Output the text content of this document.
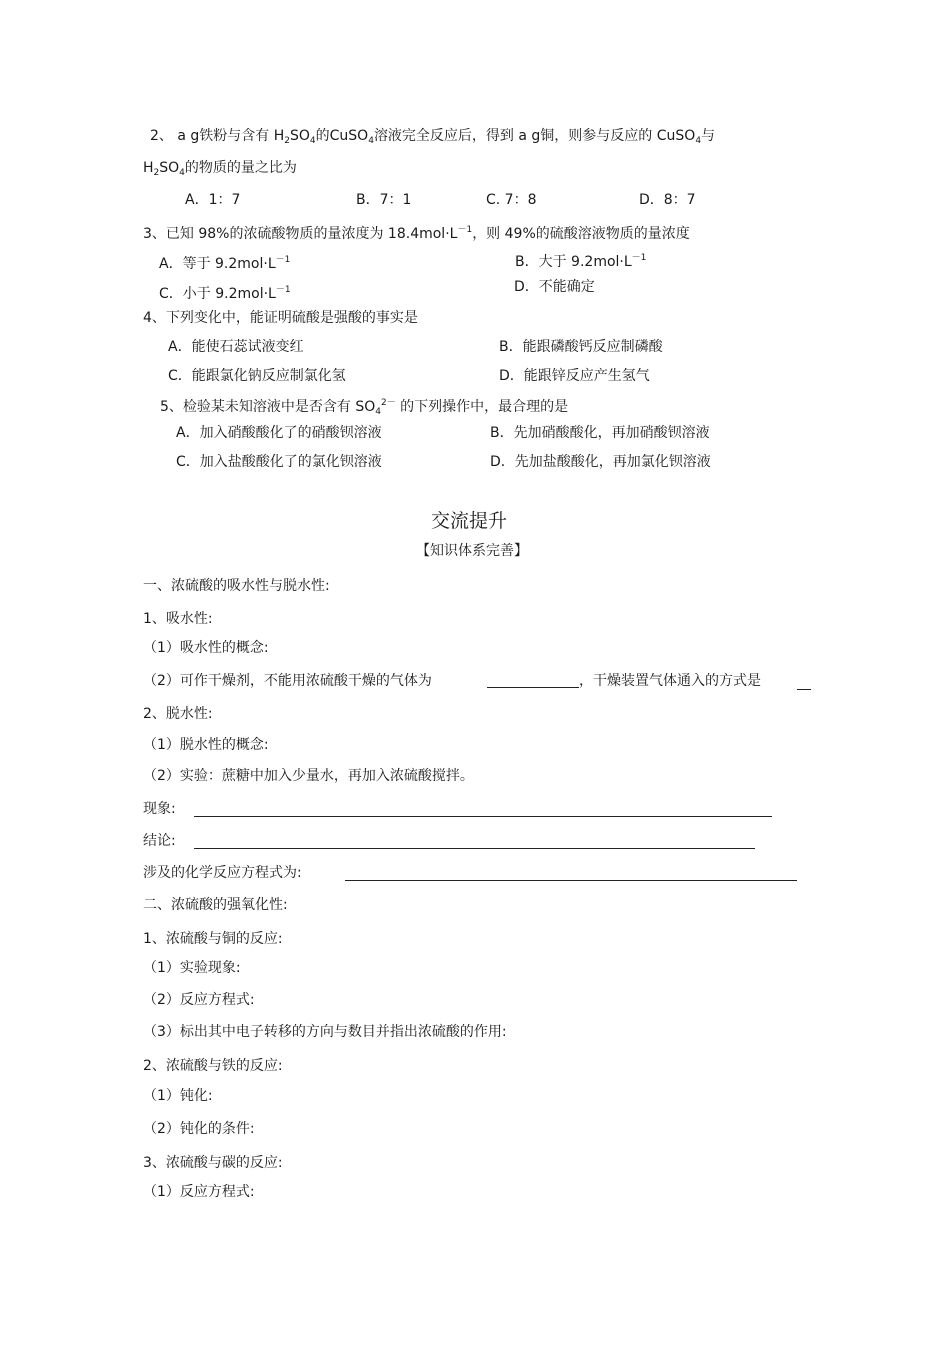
2、 a g铁粉与含有 $H_2SO_4$的CuSO$_4$溶液完全反应后，得到 a g铜，则参与反应的 CuSO$_4$与
$H_2SO_4$的物质的量之比为
A．1：7	B．7：1	C. 7：8	D．8：7
3、已知 98%的浓硫酸物质的量浓度为 $18.4mol\cdot L^{-1}$，则 49%的硫酸溶液物质的量浓度
A．等于 $9.2mol\cdot L^{-1}$	B．大于 $9.2mol\cdot L^{-1}$
C．小于 $9.2mol\cdot L^{-1}$	D．不能确定
4、下列变化中，能证明硫酸是强酸的事实是
A．能使石蕊试液变红	B．能跟磷酸钙反应制磷酸
C．能跟氯化钠反应制氯化氢	D．能跟锌反应产生氢气
5、检验某未知溶液中是否含有 $SO_4^{2-}$ 的下列操作中，最合理的是
A．加入硝酸酸化了的硝酸钡溶液	B．先加硝酸酸化，再加硝酸钡溶液
C．加入盐酸酸化了的氯化钡溶液	D．先加盐酸酸化，再加氯化钡溶液
交流提升
【知识体系完善】
一、浓硫酸的吸水性与脱水性:
1、吸水性:
（1）吸水性的概念:
（2）可作干燥剂，不能用浓硫酸干燥的气体为	，干燥装置气体通入的方式是
2、脱水性:
（1）脱水性的概念:
（2）实验：蔗糖中加入少量水，再加入浓硫酸搅拌。
现象:
结论:
涉及的化学反应方程式为:
二、浓硫酸的强氧化性:
1、浓硫酸与铜的反应:
（1）实验现象:
（2）反应方程式:
（3）标出其中电子转移的方向与数目并指出浓硫酸的作用:
2、浓硫酸与铁的反应:
（1）钝化:
（2）钝化的条件:
3、浓硫酸与碳的反应:
（1）反应方程式:
